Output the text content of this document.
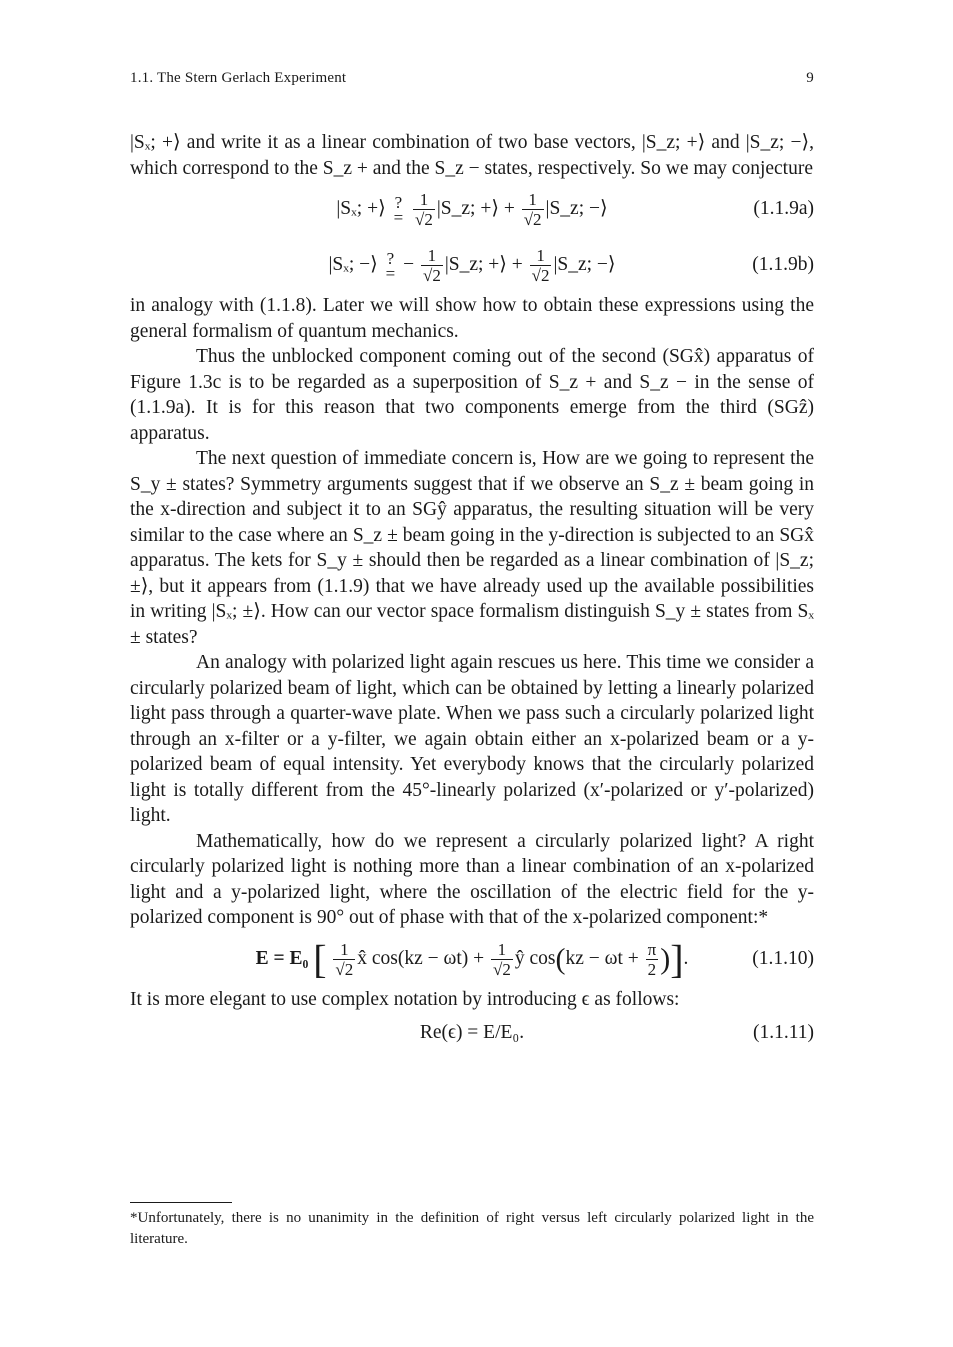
1.1. The Stern Gerlach Experiment	9

|Sₓ; +⟩ and write it as a linear combination of two base vectors, |S_z; +⟩ and |S_z; −⟩, which correspond to the S_z + and the S_z − states, respectively. So we may conjecture

|Sₓ; +⟩ ?
=
$\frac{1}{√2}$ |S_z; +⟩ + $\frac{1}{√2}$ |S_z; −⟩	(1.1.9a)
|Sₓ; −⟩ ?
= − $\frac{1}{√2}$ |S_z; +⟩ + $\frac{1}{√2}$ |S_z; −⟩	(1.1.9b)

in analogy with (1.1.8). Later we will show how to obtain these expressions using the general formalism of quantum mechanics.

Thus the unblocked component coming out of the second (SGx̂) apparatus of Figure 1.3c is to be regarded as a superposition of S_z + and S_z − in the sense of (1.1.9a). It is for this reason that two components emerge from the third (SGẑ) apparatus.

The next question of immediate concern is, How are we going to represent the S_y ± states? Symmetry arguments suggest that if we observe an S_z ± beam going in the x-direction and subject it to an SGŷ apparatus, the resulting situation will be very similar to the case where an S_z ± beam going in the y-direction is subjected to an SGx̂ apparatus. The kets for S_y ± should then be regarded as a linear combination of |S_z; ±⟩, but it appears from (1.1.9) that we have already used up the available possibilities in writing |Sₓ; ±⟩. How can our vector space formalism distinguish S_y ± states from Sₓ ± states?

An analogy with polarized light again rescues us here. This time we consider a circularly polarized beam of light, which can be obtained by letting a linearly polarized light pass through a quarter-wave plate. When we pass such a circularly polarized light through an x-filter or a y-filter, we again obtain either an x-polarized beam or a y-polarized beam of equal intensity. Yet everybody knows that the circularly polarized light is totally different from the 45°-linearly polarized (x′-polarized or y′-polarized) light.

Mathematically, how do we represent a circularly polarized light? A right circularly polarized light is nothing more than a linear combination of an x-polarized light and a y-polarized light, where the oscillation of the electric field for the y-polarized component is 90° out of phase with that of the x-polarized component:*

E = E₀ [ $\frac{1}{√2}$ x̂ $\cos(kz - \omega t) + \frac{1}{√2}$ ŷ $\cos(kz - \omega t + \frac{\pi}{2}$ )].	(1.1.10)

It is more elegant to use complex notation by introducing ϵ as follows:

Re(ϵ) = E/E₀.	(1.1.11)
*Unfortunately, there is no unanimity in the definition of right versus left circularly polarized light in the literature.
